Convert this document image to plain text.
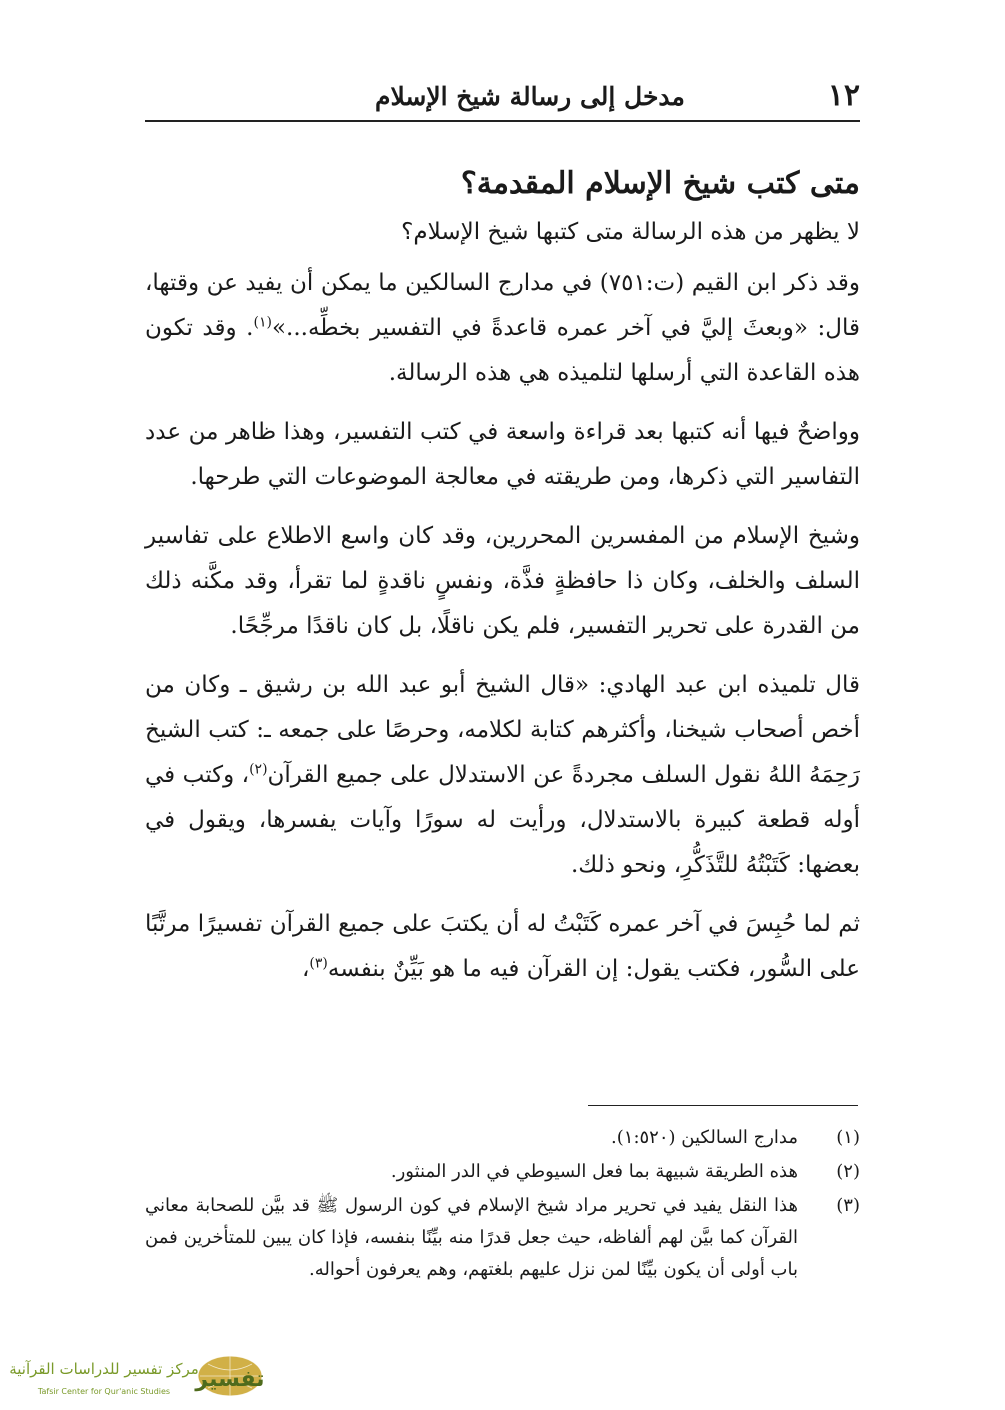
١٢
مدخل إلى رسالة شيخ الإسلام
متى كتب شيخ الإسلام المقدمة؟

لا يظهر من هذه الرسالة متى كتبها شيخ الإسلام؟

وقد ذكر ابن القيم (ت:٧٥١) في مدارج السالكين ما يمكن أن يفيد عن وقتها، قال: «وبعثَ إليَّ في آخر عمره قاعدةً في التفسير بخطِّه...»$^{(١)}$. وقد تكون هذه القاعدة التي أرسلها لتلميذه هي هذه الرسالة.

وواضحٌ فيها أنه كتبها بعد قراءة واسعة في كتب التفسير، وهذا ظاهر من عدد التفاسير التي ذكرها، ومن طريقته في معالجة الموضوعات التي طرحها.

وشيخ الإسلام من المفسرين المحررين، وقد كان واسع الاطلاع على تفاسير السلف والخلف، وكان ذا حافظةٍ فذَّة، ونفسٍ ناقدةٍ لما تقرأ، وقد مكَّنه ذلك من القدرة على تحرير التفسير، فلم يكن ناقلًا، بل كان ناقدًا مرجِّحًا.

قال تلميذه ابن عبد الهادي: «قال الشيخ أبو عبد الله بن رشيق ـ وكان من أخص أصحاب شيخنا، وأكثرهم كتابة لكلامه، وحرصًا على جمعه ـ: كتب الشيخ رَحِمَهُ اللهُ نقول السلف مجردةً عن الاستدلال على جميع القرآن$^{(٢)}$، وكتب في أوله قطعة كبيرة بالاستدلال، ورأيت له سورًا وآيات يفسرها، ويقول في بعضها: كَتَبْتُهُ للتَّذَكُّرِ، ونحو ذلك.

ثم لما حُبِسَ في آخر عمره كَتَبْتُ له أن يكتبَ على جميع القرآن تفسيرًا مرتَّبًا على السُّور، فكتب يقول: إن القرآن فيه ما هو بَيِّنٌ بنفسه$^{(٣)}$،

(١)
مدارج السالكين (١:٥٢٠).
(٢)
هذه الطريقة شبيهة بما فعل السيوطي في الدر المنثور.
(٣)
هذا النقل يفيد في تحرير مراد شيخ الإسلام في كون الرسول ﷺ قد بيَّن للصحابة معاني القرآن كما بيَّن لهم ألفاظه، حيث جعل قدرًا منه بيِّنًا بنفسه، فإذا كان يبين للمتأخرين فمن باب أولى أن يكون بيِّنًا لمن نزل عليهم بلغتهم، وهم يعرفون أحواله.
تفسير
مركز تفسير للدراسات القرآنية
Tafsir Center for Qur'anic Studies
